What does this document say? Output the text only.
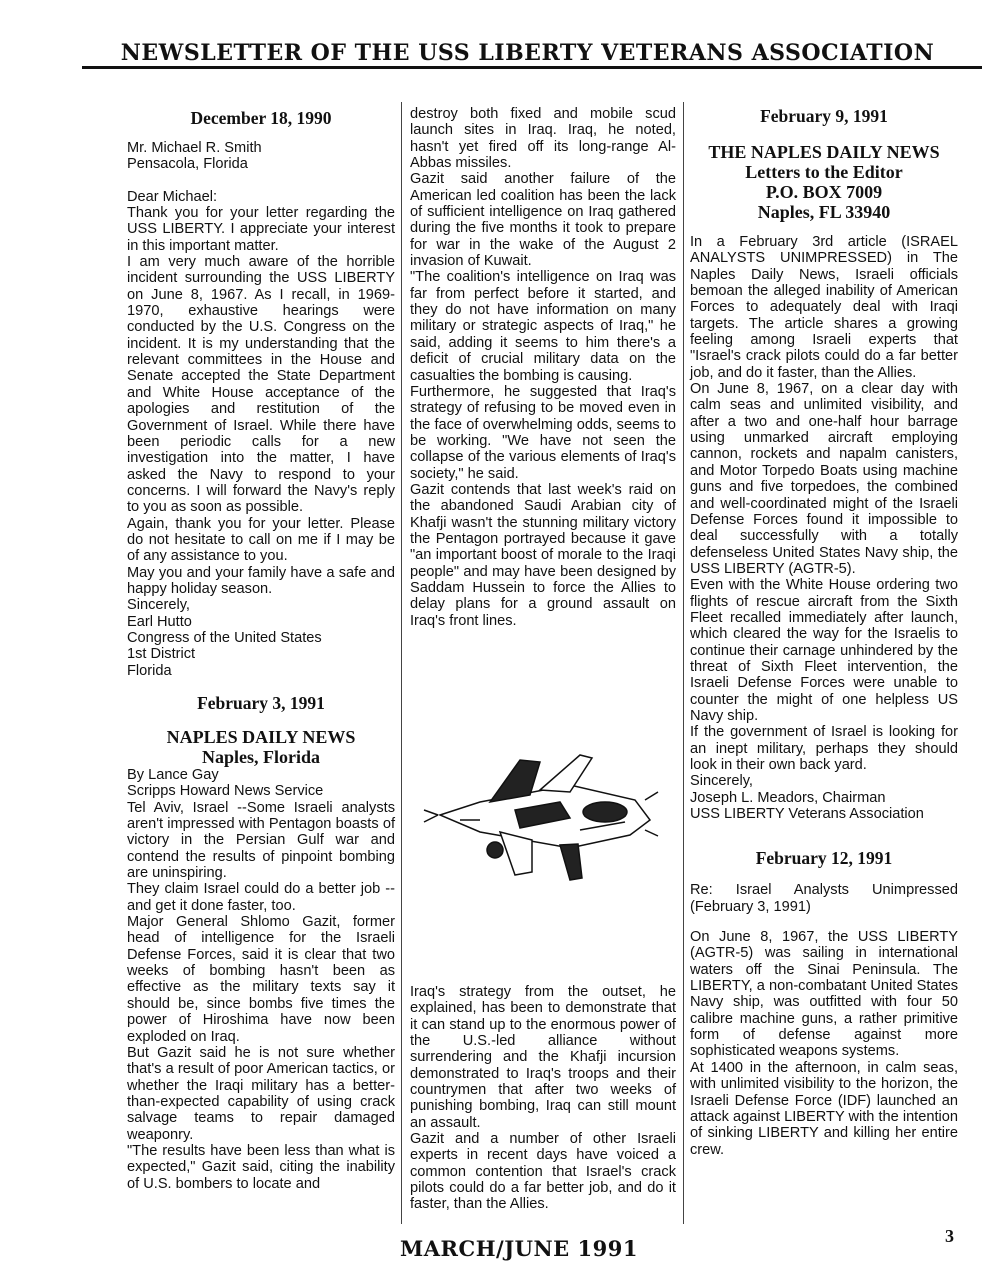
NEWSLETTER OF THE USS LIBERTY VETERANS ASSOCIATION
December 18, 1990

Mr. Michael R. Smith

Pensacola, Florida

Dear Michael:

Thank you for your letter regarding the USS LIBERTY. I appreciate your interest in this important matter.

I am very much aware of the horrible incident surrounding the USS LIBERTY on June 8, 1967. As I recall, in 1969-1970, exhaustive hearings were conducted by the U.S. Congress on the incident. It is my understanding that the relevant committees in the House and Senate accepted the State Department and White House acceptance of the apologies and restitution of the Government of Israel. While there have been periodic calls for a new investigation into the matter, I have asked the Navy to respond to your concerns. I will forward the Navy's reply to you as soon as possible.

Again, thank you for your letter. Please do not hesitate to call on me if I may be of any assistance to you.

May you and your family have a safe and happy holiday season.

Sincerely,

Earl Hutto

Congress of the United States

1st District

Florida

February 3, 1991
NAPLES DAILY NEWS
Naples, Florida

By Lance Gay

Scripps Howard News Service

Tel Aviv, Israel --Some Israeli analysts aren't impressed with Pentagon boasts of victory in the Persian Gulf war and contend the results of pinpoint bombing are uninspiring.

They claim Israel could do a better job -- and get it done faster, too.

Major General Shlomo Gazit, former head of intelligence for the Israeli Defense Forces, said it is clear that two weeks of bombing hasn't been as effective as the military texts say it should be, since bombs five times the power of Hiroshima have now been exploded on Iraq.

But Gazit said he is not sure whether that's a result of poor American tactics, or whether the Iraqi military has a better-than-expected capability of using crack salvage teams to repair damaged weaponry.

"The results have been less than what is expected," Gazit said, citing the inability of U.S. bombers to locate and

destroy both fixed and mobile scud launch sites in Iraq. Iraq, he noted, hasn't yet fired off its long-range Al-Abbas missiles.

Gazit said another failure of the American led coalition has been the lack of sufficient intelligence on Iraq gathered during the five months it took to prepare for war in the wake of the August 2 invasion of Kuwait.

"The coalition's intelligence on Iraq was far from perfect before it started, and they do not have information on many military or strategic aspects of Iraq," he said, adding it seems to him there's a deficit of crucial military data on the casualties the bombing is causing.

Furthermore, he suggested that Iraq's strategy of refusing to be moved even in the face of overwhelming odds, seems to be working. "We have not seen the collapse of the various elements of Iraq's society," he said.

Gazit contends that last week's raid on the abandoned Saudi Arabian city of Khafji wasn't the stunning military victory the Pentagon portrayed because it gave "an important boost of morale to the Iraqi people" and may have been designed by Saddam Hussein to force the Allies to delay plans for a ground assault on Iraq's front lines.

Iraq's strategy from the outset, he explained, has been to demonstrate that it can stand up to the enormous power of the U.S.-led alliance without surrendering and the Khafji incursion demonstrated to Iraq's troops and their countrymen that after two weeks of punishing bombing, Iraq can still mount an assault.

Gazit and a number of other Israeli experts in recent days have voiced a common contention that Israel's crack pilots could do a far better job, and do it faster, than the Allies.

February 9, 1991
THE NAPLES DAILY NEWS
Letters to the Editor
P.O. BOX 7009
Naples, FL 33940

In a February 3rd article (ISRAEL ANALYSTS UNIMPRESSED) in The Naples Daily News, Israeli officials bemoan the alleged inability of American Forces to adequately deal with Iraqi targets. The article shares a growing feeling among Israeli experts that "Israel's crack pilots could do a far better job, and do it faster, than the Allies.

On June 8, 1967, on a clear day with calm seas and unlimited visibility, and after a two and one-half hour barrage using unmarked aircraft employing cannon, rockets and napalm canisters, and Motor Torpedo Boats using machine guns and five torpedoes, the combined and well-coordinated might of the Israeli Defense Forces found it impossible to deal successfully with a totally defenseless United States Navy ship, the USS LIBERTY (AGTR-5).

Even with the White House ordering two flights of rescue aircraft from the Sixth Fleet recalled immediately after launch, which cleared the way for the Israelis to continue their carnage unhindered by the threat of Sixth Fleet intervention, the Israeli Defense Forces were unable to counter the might of one helpless US Navy ship.

If the government of Israel is looking for an inept military, perhaps they should look in their own back yard.

Sincerely,

Joseph L. Meadors, Chairman

USS LIBERTY Veterans Association

February 12, 1991

Re: Israel Analysts Unimpressed (February 3, 1991)

On June 8, 1967, the USS LIBERTY (AGTR-5) was sailing in international waters off the Sinai Peninsula. The LIBERTY, a non-combatant United States Navy ship, was outfitted with four 50 calibre machine guns, a rather primitive form of defense against more sophisticated weapons systems.

At 1400 in the afternoon, in calm seas, with unlimited visibility to the horizon, the Israeli Defense Force (IDF) launched an attack against LIBERTY with the intention of sinking LIBERTY and killing her entire crew.

MARCH/JUNE 1991	3
